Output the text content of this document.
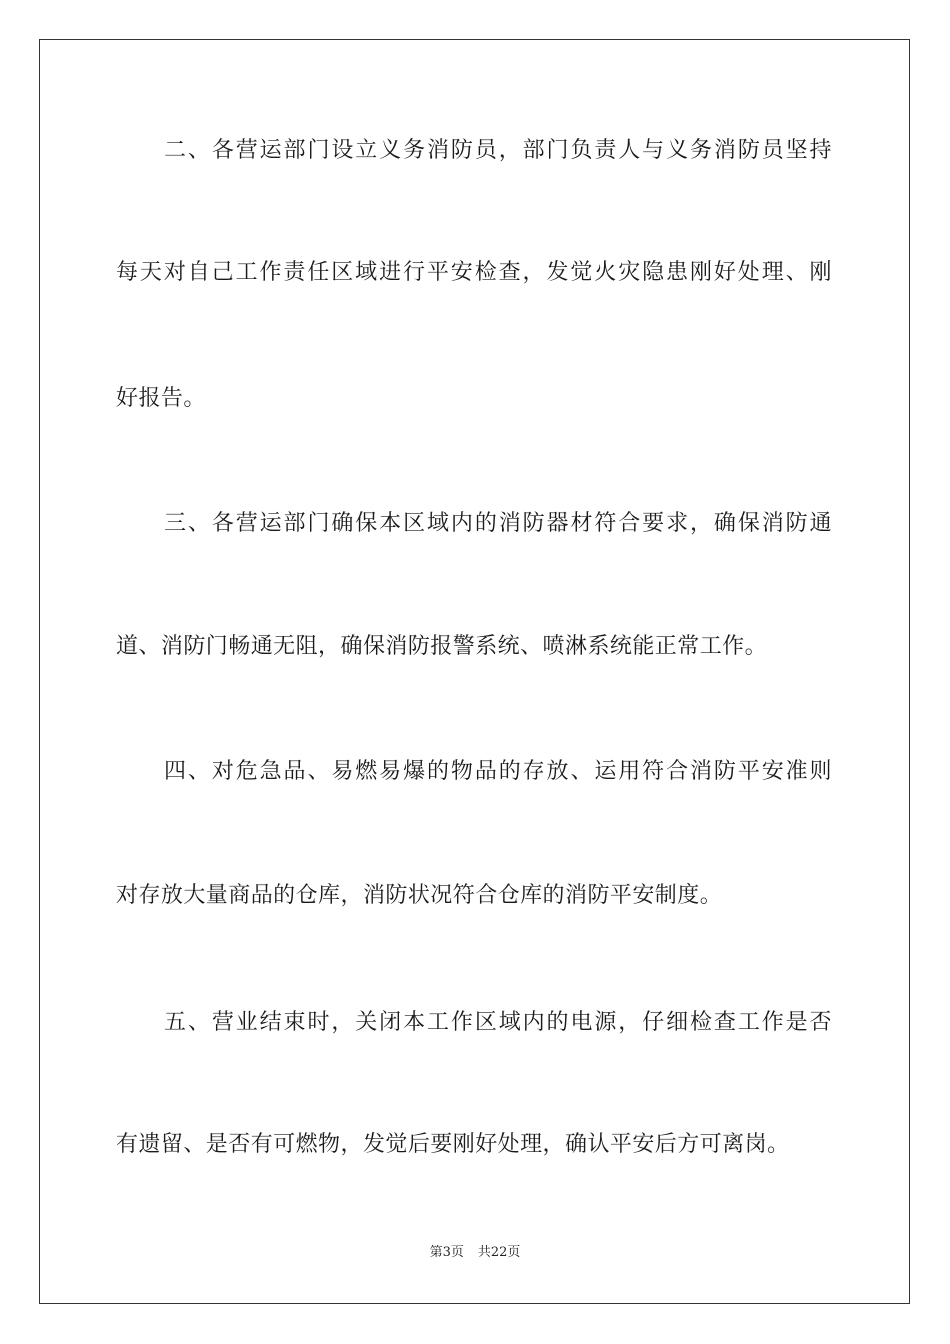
二、各营运部门设立义务消防员，部门负责人与义务消防员坚持
每天对自己工作责任区域进行平安检查，发觉火灾隐患刚好处理、刚
好报告。
三、各营运部门确保本区域内的消防器材符合要求，确保消防通
道、消防门畅通无阻，确保消防报警系统、喷淋系统能正常工作。
四、对危急品、易燃易爆的物品的存放、运用符合消防平安准则
对存放大量商品的仓库，消防状况符合仓库的消防平安制度。
五、营业结束时，关闭本工作区域内的电源，仔细检查工作是否
有遗留、是否有可燃物，发觉后要刚好处理，确认平安后方可离岗。
第3页 共22页
